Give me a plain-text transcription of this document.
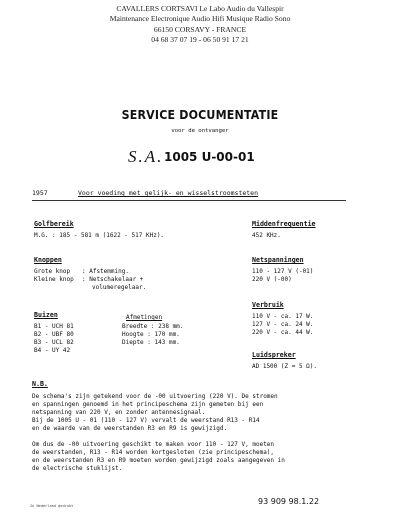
CAVALLERS CORTSAVI Le Labo Audio du Vallespir
Maintenance Electronique Audio Hifi Musique Radio Sono
66150 CORSAVY - FRANCE
04 68 37 07 19 - 06 50 91 17 21
SERVICE DOCUMENTATIE
voor de ontvanger
S.A. 1005 U-00-01
1957	Voor voeding met gelijk- en wisselstroomsteten
Golfbereik
M.G. : 185 - 581 m (1622 - 517 KHz).
Middenfrequentie
452 KHz.
Knoppen
Grote knop : Afstemming.
Kleine knop : Netschakelaar +
volumeregelaar.
Netspanningen
110 - 127 V (-01)
220 V (-00)
Verbruik
110 V - ca. 17 W.
127 V - ca. 24 W.
220 V - ca. 44 W.
Buizen
B1 - UCH 81
B2 - UBF 80
B3 - UCL 82
B4 - UY 42
Afmetingen
Breedte : 238 mm.
Hoogte : 170 mm.
Diepte : 143 mm.
Luidspreker
AD 1500 (Z = 5 Ω).
N.B.
De schema's zijn getekend voor de -00 uitvoering (220 V). De stromen
en spanningen genoemd in het principeschema zijn gemeten bij een
netspanning van 220 V, en zonder antennesignaal.
Bij de 1005 U - 01 (110 - 127 V) vervalt de weerstand R13 - R14
en de waarde van de weerstanden R3 en R9 is gewijzigd.
Om dus de -00 uitvoering geschikt te maken voor 110 - 127 V, moeten
de weerstanden, R13 - R14 worden kortgesloten (zie principeschema),
en de weerstanden R3 en R9 moeten worden gewijzigd zoals aangegeven in
de electrische stuklijst.
In Nederland gedrukt	93 909 98.1.22
